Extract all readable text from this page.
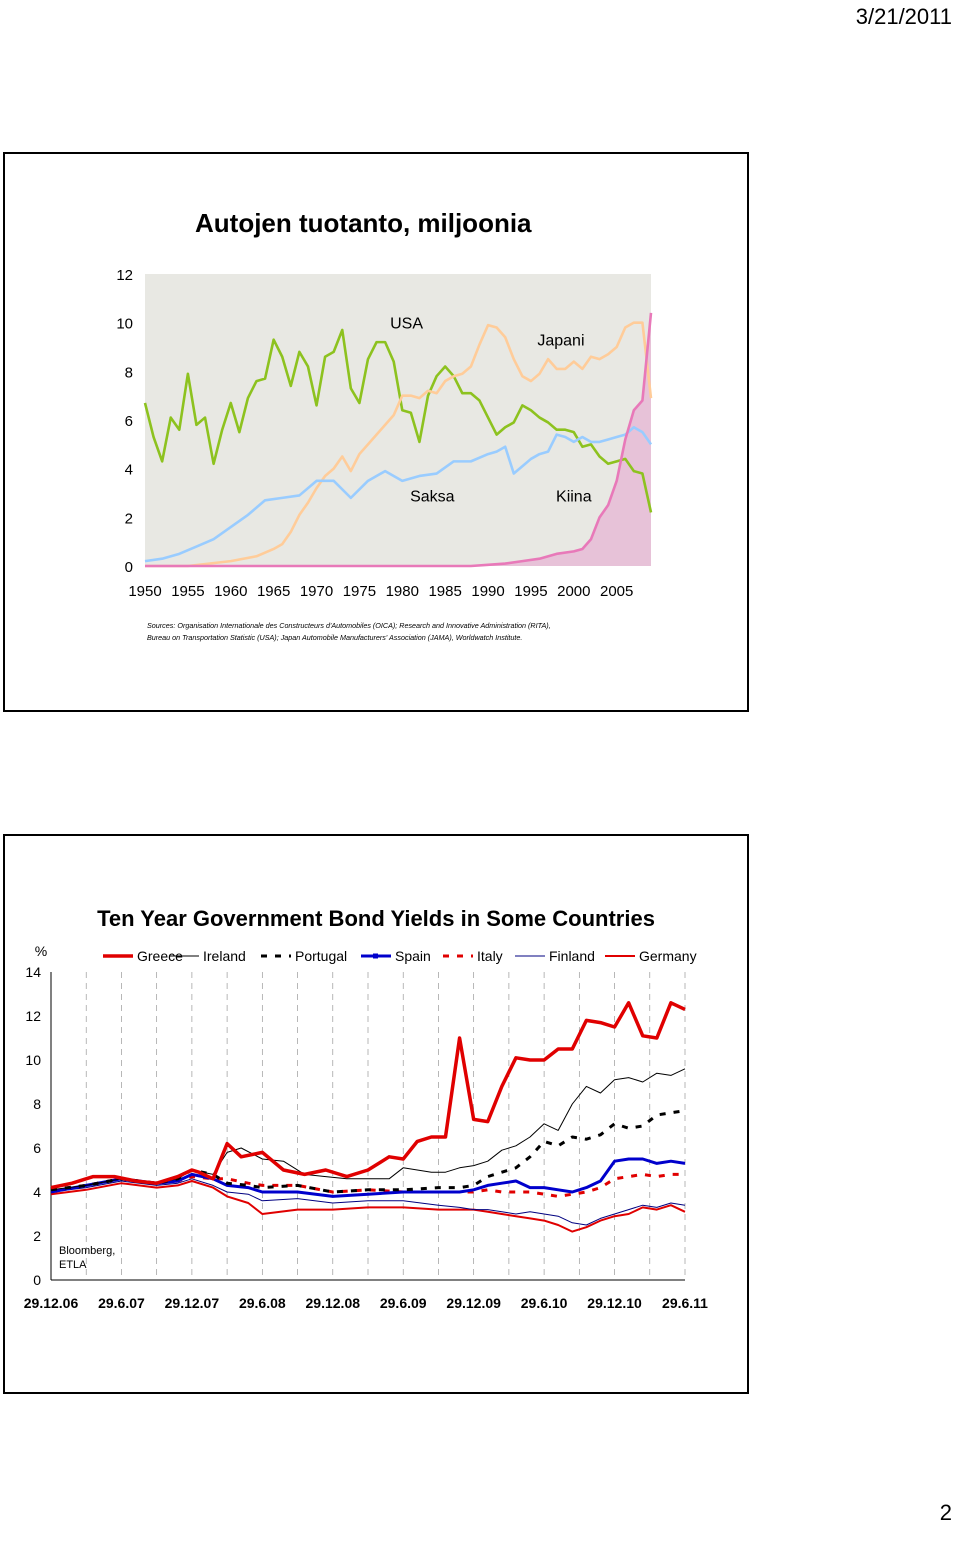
3/21/2011
Autojen tuotanto, miljoonia
0
2
4
6
8
10
12
1950 1955 1960 1965 1970 1975 1980 1985 1990 1995 2000 2005
USA
Japani
Saksa	Kiina
Sources: Organisation Internationale des Constructeurs d'Automobiles (OICA); Research and Innovative Administration (RITA),
Bureau on Transportation Statistic (USA); Japan Automobile Manufacturers' Association (JAMA), Worldwatch Institute.
Ten Year Government Bond Yields in Some Countries
%
0
2
4
6
8
10
12
14
29.12.06 29.6.07 29.12.07 29.6.08 29.12.08 29.6.09 29.12.09 29.6.10 29.12.10 29.6.11
Bloomberg,
ETLA
Greece Ireland	Portugal	Spain	Italy	Finland	Germany
2
